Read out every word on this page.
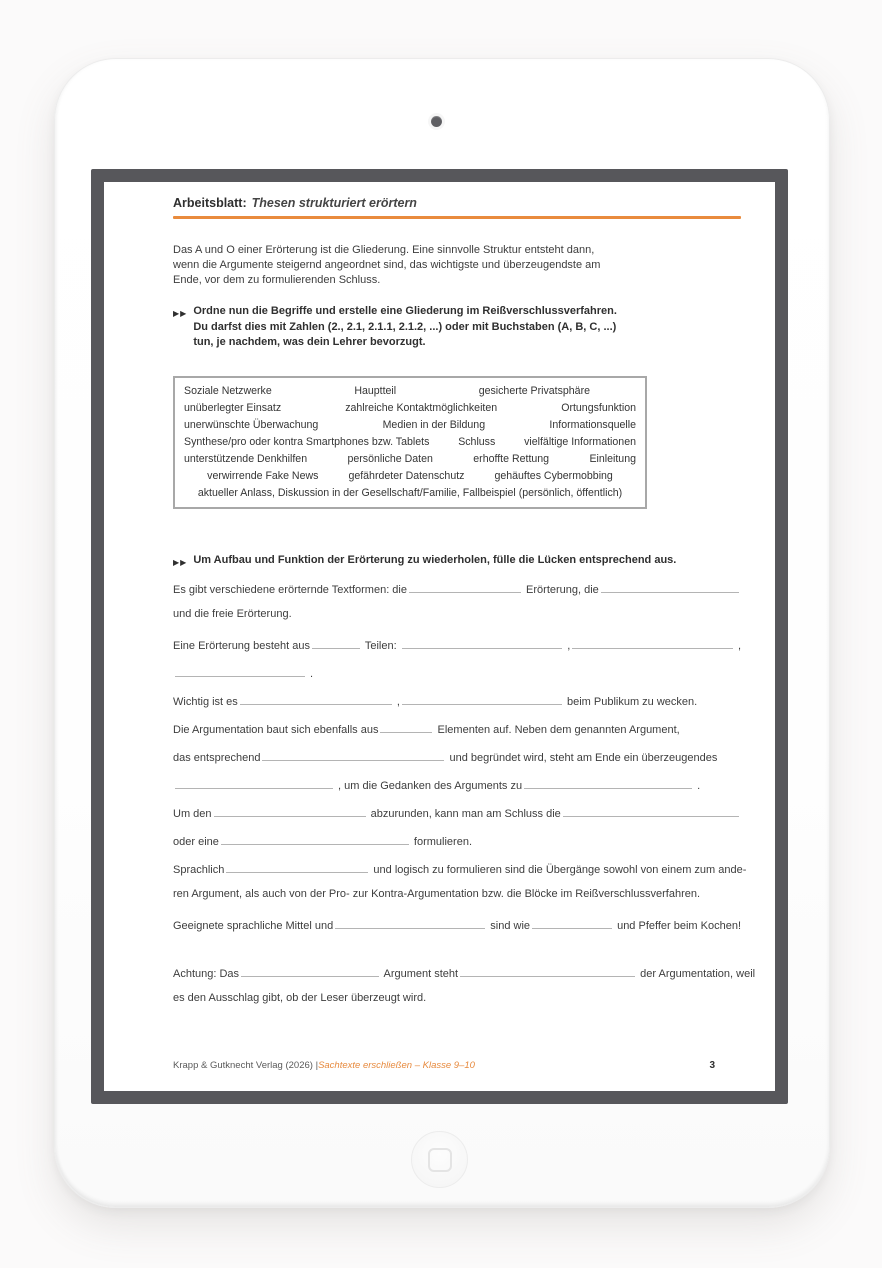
Arbeitsblatt: Thesen strukturiert erörtern
Das A und O einer Erörterung ist die Gliederung. Eine sinnvolle Struktur entsteht dann,
wenn die Argumente steigernd angeordnet sind, das wichtigste und überzeugendste am
Ende, vor dem zu formulierenden Schluss.
▶▶ Ordne nun die Begriffe und erstelle eine Gliederung im Reißverschlussverfahren.
Du darfst dies mit Zahlen (2., 2.1, 2.1.1, 2.1.2, ...) oder mit Buchstaben (A, B, C, ...)
tun, je nachdem, was dein Lehrer bevorzugt.
Soziale Netzwerke	Hauptteil	gesicherte Privatsphäre
unüberlegter Einsatz	zahlreiche Kontaktmöglichkeiten	Ortungsfunktion
unerwünschte Überwachung	Medien in der Bildung	Informationsquelle
Synthese/pro oder kontra Smartphones bzw. Tablets	Schluss	vielfältige Informationen
unterstützende Denkhilfen	persönliche Daten	erhoffte Rettung	Einleitung
verwirrende Fake News	gefährdeter Datenschutz	gehäuftes Cybermobbing
aktueller Anlass, Diskussion in der Gesellschaft/Familie, Fallbeispiel (persönlich, öffentlich)
▶▶ Um Aufbau und Funktion der Erörterung zu wiederholen, fülle die Lücken entsprechend aus.
Es gibt verschiedene erörternde Textformen: die	Erörterung, die
und die freie Erörterung.
Eine Erörterung besteht aus	Teilen:	,	,
.
Wichtig ist es	,	beim Publikum zu wecken.
Die Argumentation baut sich ebenfalls aus	Elementen auf. Neben dem genannten Argument,
das entsprechend	und begründet wird, steht am Ende ein überzeugendes
, um die Gedanken des Arguments zu	.
Um den	abzurunden, kann man am Schluss die
oder eine	formulieren.
Sprachlich	und logisch zu formulieren sind die Übergänge sowohl von einem zum ande-
ren Argument, als auch von der Pro- zur Kontra-Argumentation bzw. die Blöcke im Reißverschlussverfahren.
Geeignete sprachliche Mittel und	sind wie	und Pfeffer beim Kochen!
Achtung: Das	Argument steht	der Argumentation, weil
es den Ausschlag gibt, ob der Leser überzeugt wird.
Krapp & Gutknecht Verlag (2026) | Sachtexte erschließen – Klasse 9–10	3
